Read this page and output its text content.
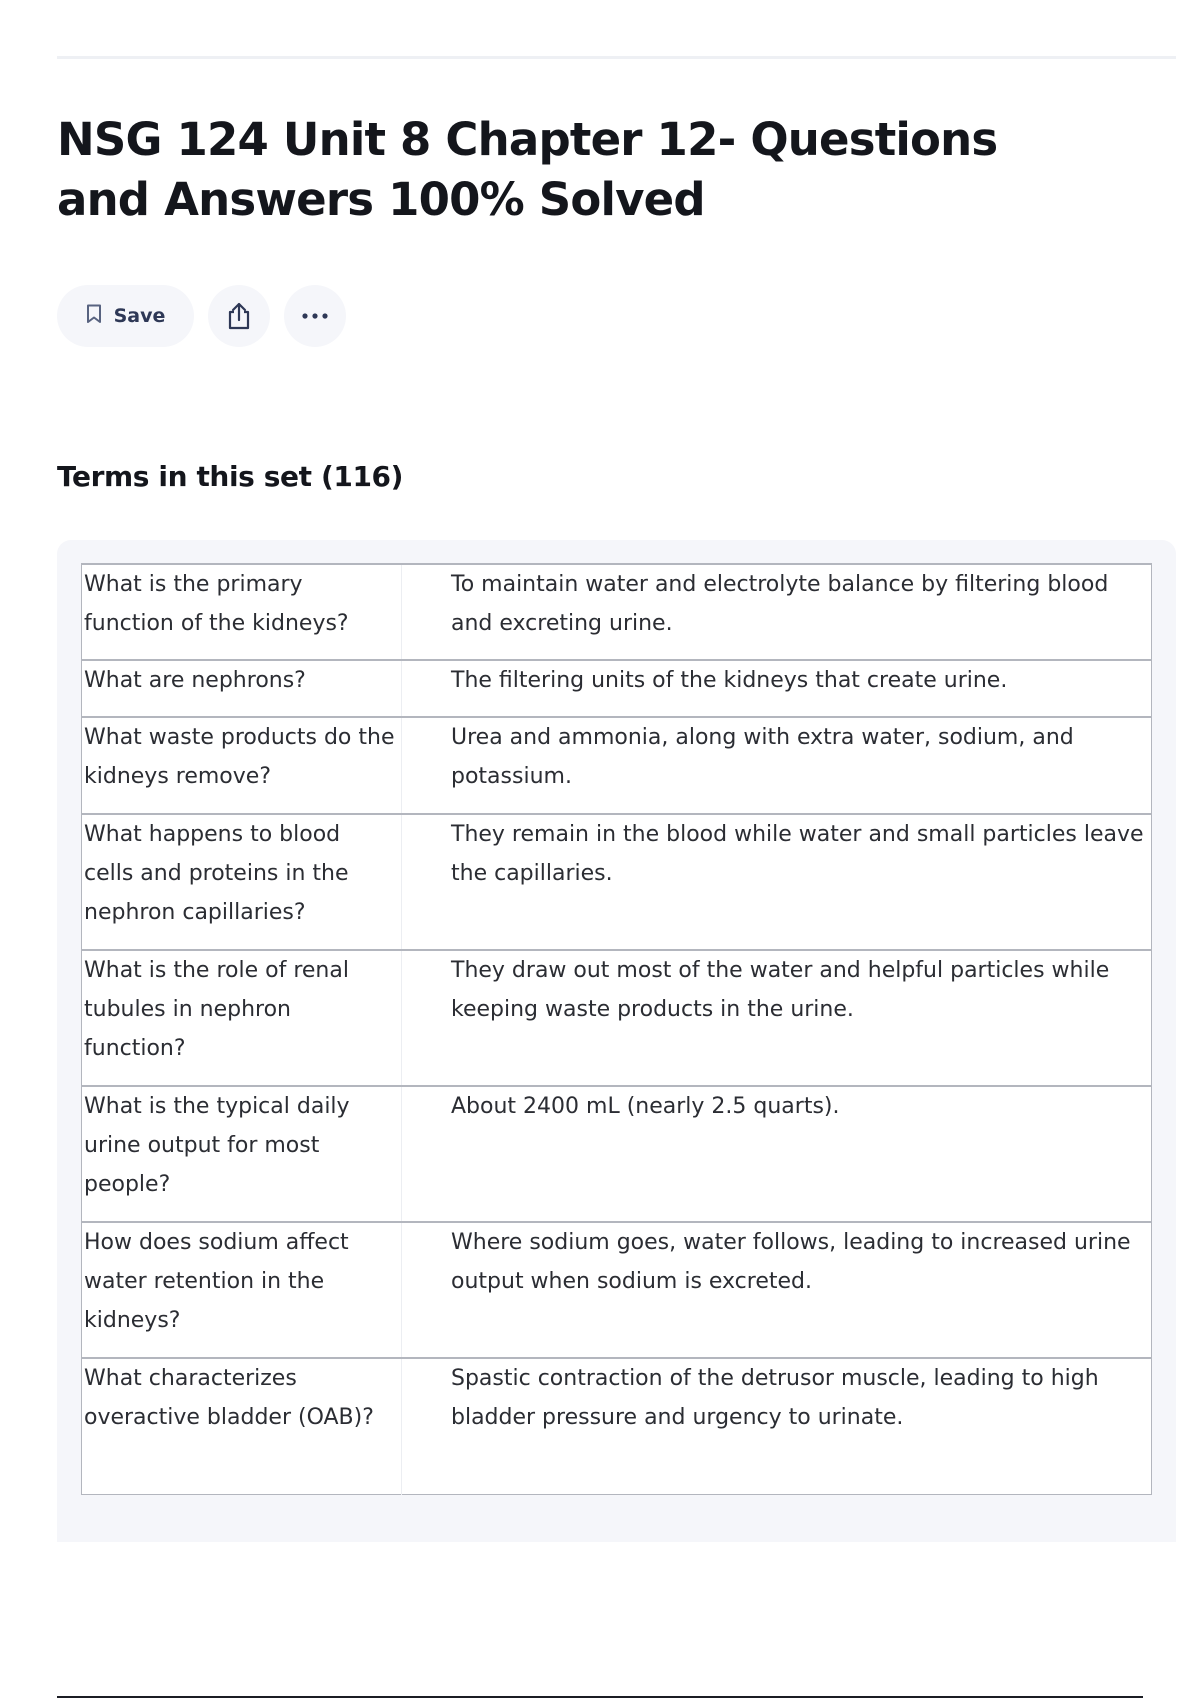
NSG 124 Unit 8 Chapter 12- Questions and Answers 100% Solved
Save
Terms in this set (116)
What is the primary function of the kidneys?	To maintain water and electrolyte balance by filtering blood and excreting urine.
What are nephrons?	The filtering units of the kidneys that create urine.
What waste products do the kidneys remove?	Urea and ammonia, along with extra water, sodium, and potassium.
What happens to blood cells and proteins in the nephron capillaries?	They remain in the blood while water and small particles leave the capillaries.
What is the role of renal tubules in nephron function?	They draw out most of the water and helpful particles while keeping waste products in the urine.
What is the typical daily urine output for most people?	About 2400 mL (nearly 2.5 quarts).
How does sodium affect water retention in the kidneys?	Where sodium goes, water follows, leading to increased urine output when sodium is excreted.
What characterizes overactive bladder (OAB)?	Spastic contraction of the detrusor muscle, leading to high bladder pressure and urgency to urinate.
